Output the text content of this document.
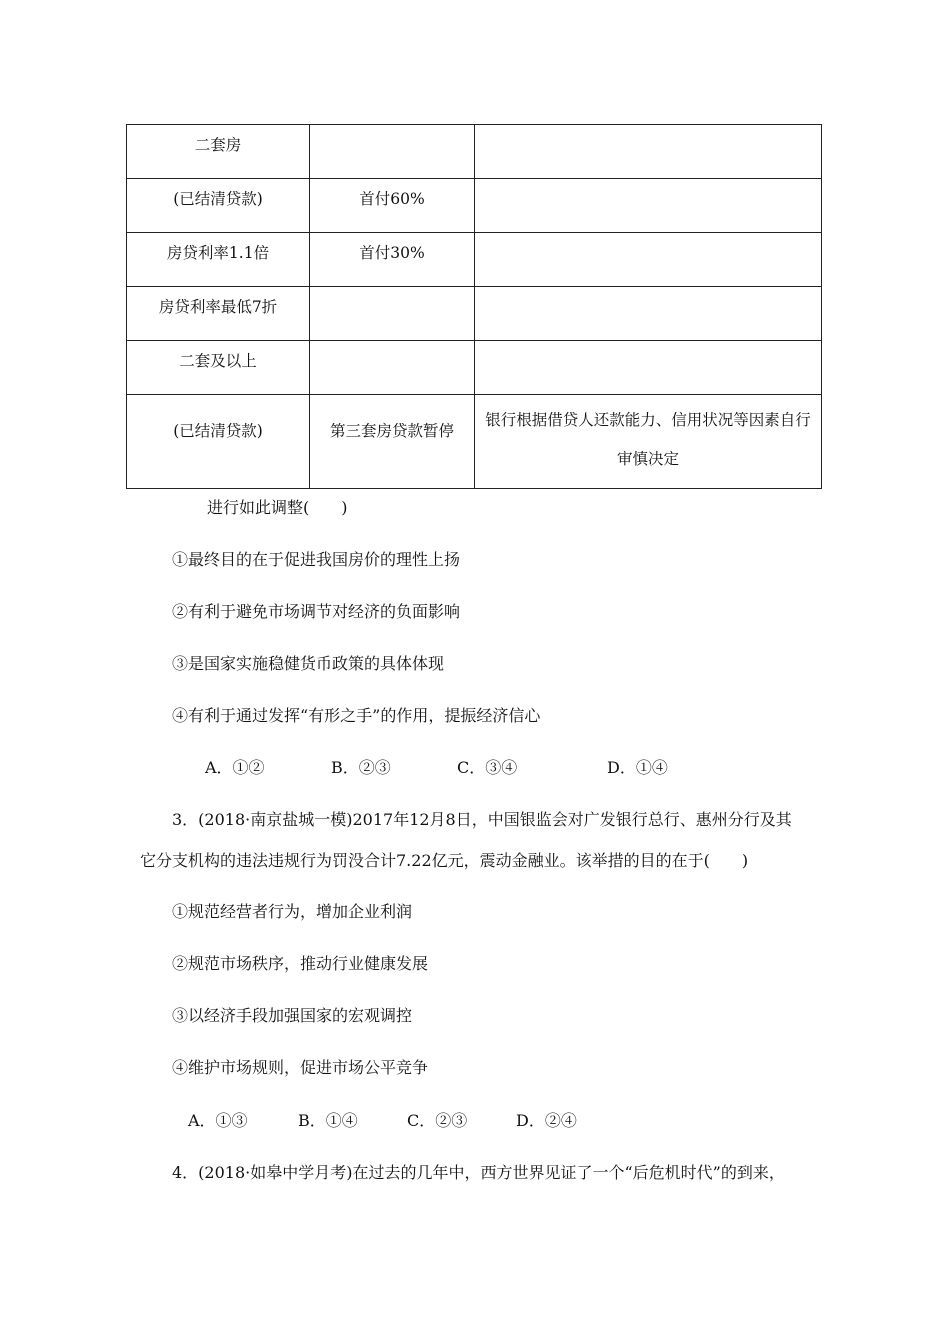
二套房		

(已结清贷款)	首付60%	

房贷利率1.1倍	首付30%	

房贷利率最低7折		

二套及以上		

(已结清贷款)	第三套房贷款暂停	银行根据借贷人还款能力、信用状况等因素自行审慎决定
进行如此调整(　　)
①最终目的在于促进我国房价的理性上扬
②有利于避免市场调节对经济的负面影响
③是国家实施稳健货币政策的具体体现
④有利于通过发挥“有形之手”的作用，提振经济信心
A．①②	B．②③	C．③④	D．①④
3．(2018·南京盐城一模)2017年12月8日，中国银监会对广发银行总行、惠州分行及其
它分支机构的违法违规行为罚没合计7.22亿元，震动金融业。该举措的目的在于(　　)
①规范经营者行为，增加企业利润
②规范市场秩序，推动行业健康发展
③以经济手段加强国家的宏观调控
④维护市场规则，促进市场公平竞争
A．①③	B．①④	C．②③	D．②④
4．(2018·如皋中学月考)在过去的几年中，西方世界见证了一个“后危机时代”的到来，
